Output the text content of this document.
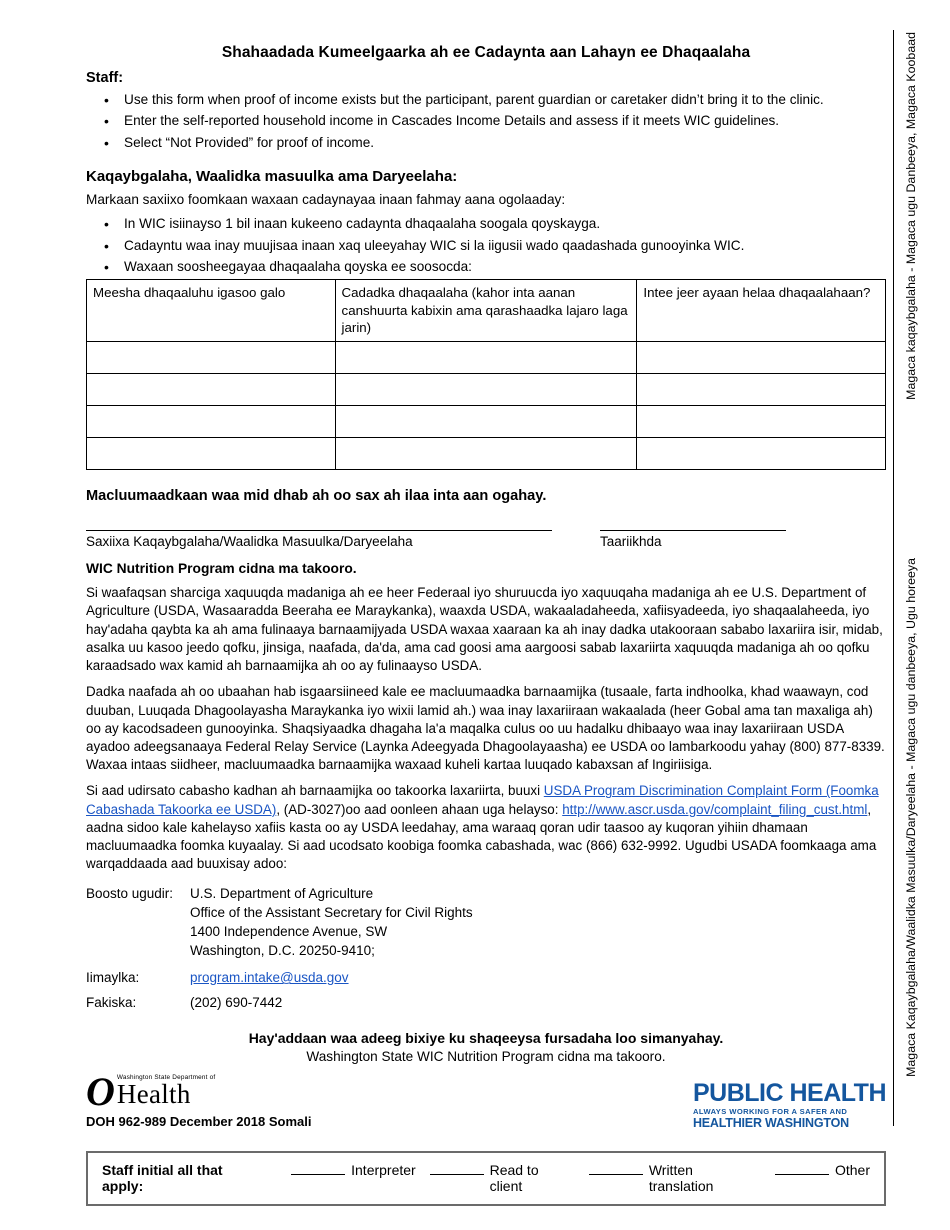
Shahaadada Kumeelgaarka ah ee Cadaynta aan Lahayn ee Dhaqaalaha
Staff:
• Use this form when proof of income exists but the participant, parent guardian or caretaker didn’t bring it to the clinic.
• Enter the self-reported household income in Cascades Income Details and assess if it meets WIC guidelines.
• Select “Not Provided” for proof of income.
Kaqaybgalaha, Waalidka masuulka ama Daryeelaha:

Markaan saxiixo foomkaan waxaan cadaynayaa inaan fahmay aana ogolaaday:

• In WIC isiinayso 1 bil inaan kukeeno cadaynta dhaqaalaha soogala qoyskayga.
• Cadayntu waa inay muujisaa inaan xaq uleeyahay WIC si la iigusii wado qaadashada gunooyinka WIC.
• Waxaan soosheegayaa dhaqaalaha qoyska ee soosocda:
Meesha dhaqaaluhu igasoo galo	Cadadka dhaqaalaha (kahor inta aanan canshuurta kabixin ama qarashaadka lajaro laga jarin)	Intee jeer ayaan helaa dhaqaalahaan?

Macluumaadkaan waa mid dhab ah oo sax ah ilaa inta aan ogahay.
Saxiixa Kaqaybgalaha/Waalidka Masuulka/Daryeelaha	Taariikhda
WIC Nutrition Program cidna ma takooro.

Si waafaqsan sharciga xaquuqda madaniga ah ee heer Federaal iyo shuruucda iyo xaquuqaha madaniga ah ee U.S. Department of Agriculture (USDA, Wasaaradda Beeraha ee Maraykanka), waaxda USDA, wakaaladaheeda, xafiisyadeeda, iyo shaqaalaheeda, iyo hay'adaha qaybta ka ah ama fulinaaya barnaamijyada USDA waxaa xaaraan ka ah inay dadka utakooraan sababo laxariira isir, midab, asalka uu kasoo jeedo qofku, jinsiga, naafada, da'da, ama cad goosi ama aargoosi sabab laxariirta xaquuqda madaniga ah oo qofku karaadsado wax kamid ah barnaamijka ah oo ay fulinaayso USDA.

Dadka naafada ah oo ubaahan hab isgaarsiineed kale ee macluumaadka barnaamijka (tusaale, farta indhoolka, khad waawayn, cod duuban, Luuqada Dhagoolayasha Maraykanka iyo wixii lamid ah.) waa inay laxariiraan wakaalada (heer Gobal ama tan maxaliga ah) oo ay kacodsadeen gunooyinka. Shaqsiyaadka dhagaha la'a maqalka culus oo uu hadalku dhibaayo waa inay laxariiraan USDA ayadoo adeegsanaaya Federal Relay Service (Laynka Adeegyada Dhagoolayaasha) ee USDA oo lambarkoodu yahay (800) 877-8339. Waxaa intaas siidheer, macluumaadka barnaamijka waxaad kuheli kartaa luuqado kabaxsan af Ingiriisiga.

Si aad udirsato cabasho kadhan ah barnaamijka oo takoorka laxariirta, buuxi USDA Program Discrimination Complaint Form (Foomka Cabashada Takoorka ee USDA), (AD-3027)oo aad oonleen ahaan uga helayso: http://www.ascr.usda.gov/complaint_filing_cust.html, aadna sidoo kale kahelayso xafiis kasta oo ay USDA leedahay, ama waraaq qoran udir taasoo ay kuqoran yihiin dhamaan macluumaadka foomka kuyaalay. Si aad ucodsato koobiga foomka cabashada, wac (866) 632-9992. Ugudbi USADA foomkaaga ama warqaddaada aad buuxisay adoo:

Boosto ugudir:	U.S. Department of Agriculture
Office of the Assistant Secretary for Civil Rights
1400 Independence Avenue, SW
Washington, D.C. 20250-9410;
Iimaylka:	program.intake@usda.gov
Fakiska:	(202) 690-7442
Hay'addaan waa adeeg bixiye ku shaqeeysa fursadaha loo simanyahay.
Washington State WIC Nutrition Program cidna ma takooro.
O Washington State Department of
Health
DOH 962-989 December 2018 Somali
PUBLIC HEALTH
ALWAYS WORKING FOR A SAFER AND
HEALTHIER WASHINGTON
Magaca kaqaybgalaha - Magaca ugu Danbeeya, Magaca Koobaad
Magaca Kaqaybgalaha/Waalidka Masuulka/Daryeelaha - Magaca ugu danbeeya, Ugu horeeya
Staff initial all that apply:
Interpreter	Read to client
Written translation
Other
